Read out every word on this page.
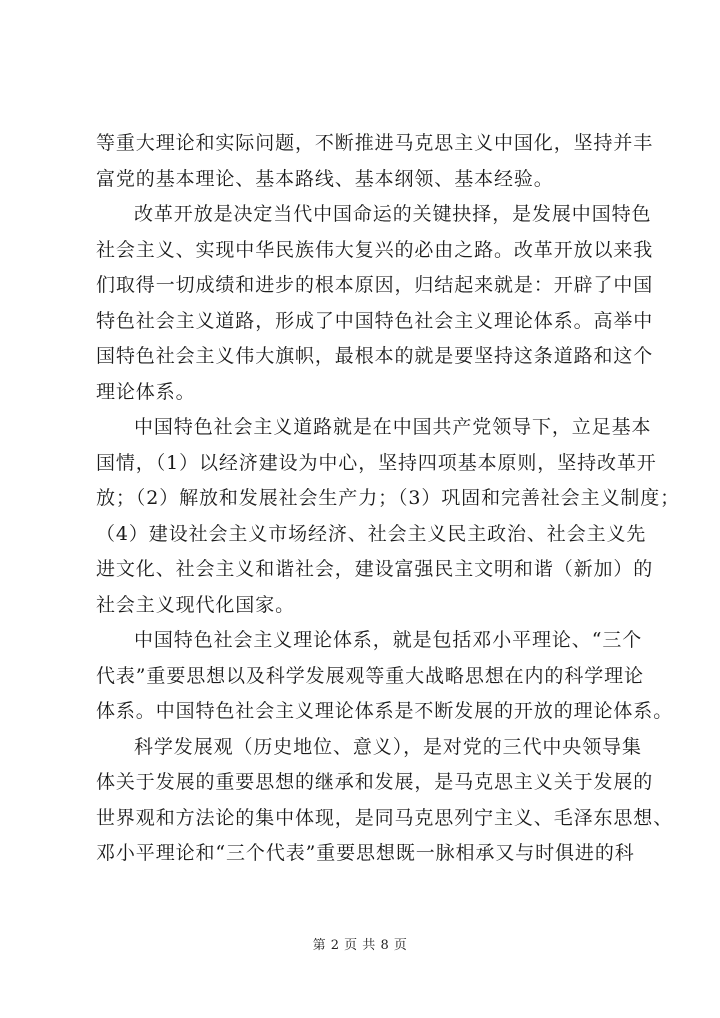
等重大理论和实际问题，不断推进马克思主义中国化，坚持并丰
富党的基本理论、基本路线、基本纲领、基本经验。
改革开放是决定当代中国命运的关键抉择，是发展中国特色
社会主义、实现中华民族伟大复兴的必由之路。改革开放以来我
们取得一切成绩和进步的根本原因，归结起来就是：开辟了中国
特色社会主义道路，形成了中国特色社会主义理论体系。高举中
国特色社会主义伟大旗帜，最根本的就是要坚持这条道路和这个
理论体系。
中国特色社会主义道路就是在中国共产党领导下，立足基本
国情，（1）以经济建设为中心，坚持四项基本原则，坚持改革开
放；（2）解放和发展社会生产力；（3）巩固和完善社会主义制度；
（4）建设社会主义市场经济、社会主义民主政治、社会主义先
进文化、社会主义和谐社会，建设富强民主文明和谐（新加）的
社会主义现代化国家。
中国特色社会主义理论体系，就是包括邓小平理论、“三个
代表”重要思想以及科学发展观等重大战略思想在内的科学理论
体系。中国特色社会主义理论体系是不断发展的开放的理论体系。
科学发展观（历史地位、意义），是对党的三代中央领导集
体关于发展的重要思想的继承和发展，是马克思主义关于发展的
世界观和方法论的集中体现，是同马克思列宁主义、毛泽东思想、
邓小平理论和“三个代表”重要思想既一脉相承又与时俱进的科
第 2 页 共 8 页
